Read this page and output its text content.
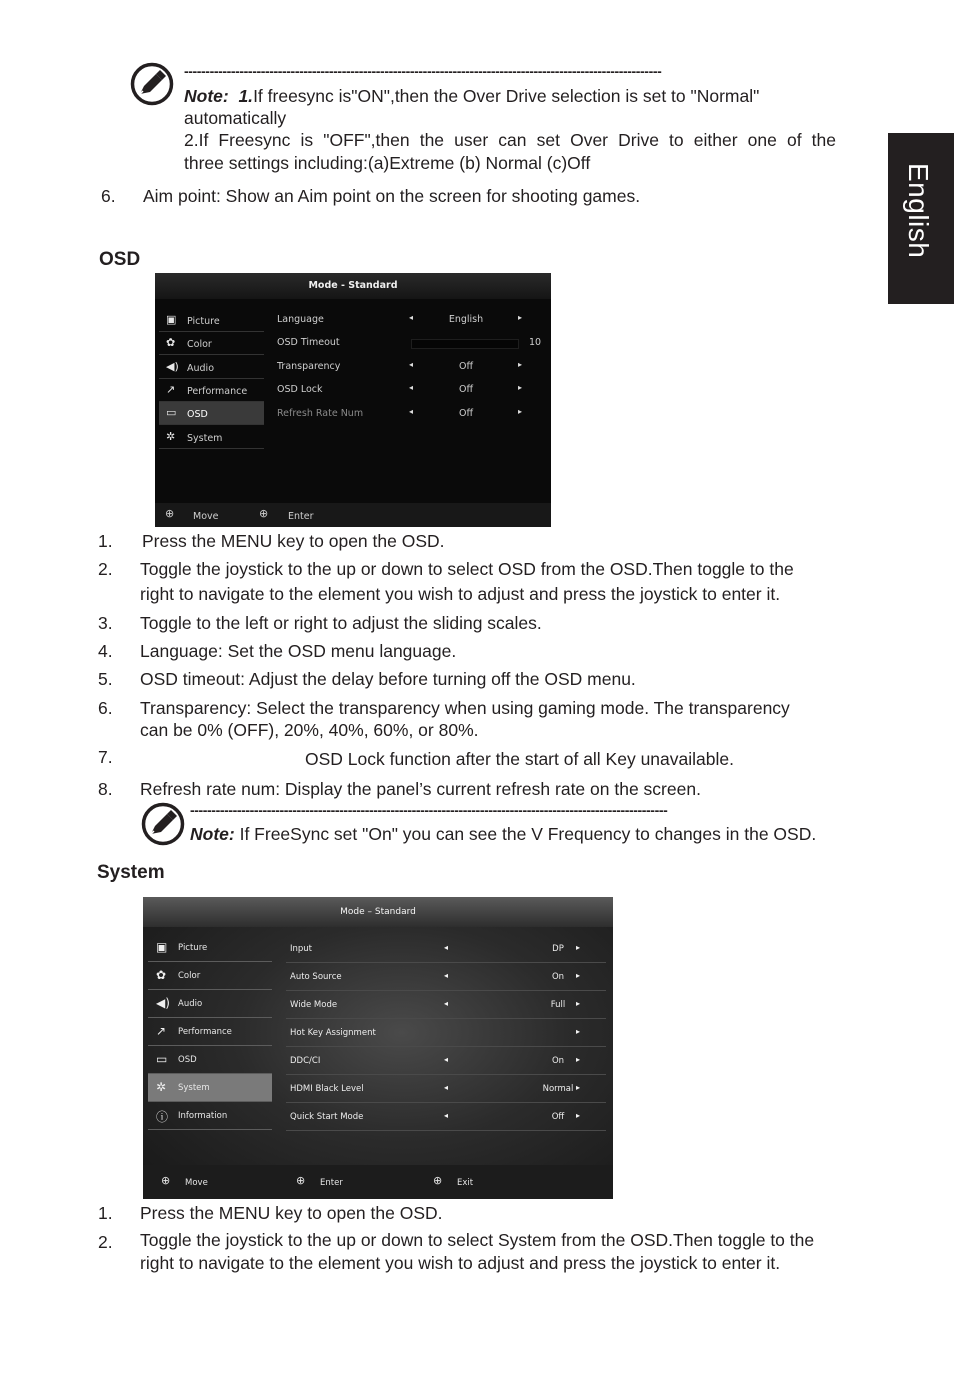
English
----------------------------------------------------------------------------------------------------------------
Note: 1.If freesync is"ON",then the Over Drive selection is set to "Normal"
automatically
2.If Freesync is "OFF",then the user can set Over Drive to either one of the
three settings including:(a)Extreme (b) Normal (c)Off
6. Aim point: Show an Aim point on the screen for shooting games.
OSD
Mode - Standard
▣	Picture
✿	Color
◀) Audio
↗	Performance
▭	OSD
✲	System
Language	◂	English	▸
OSD Timeout	10
Transparency	◂	Off	▸
OSD Lock	◂	Off	▸
Refresh Rate Num	◂	Off	▸
⊕ Move	⊕ Enter
1. Press the MENU key to open the OSD.
2. Toggle the joystick to the up or down to select OSD from the OSD.Then toggle to the
right to navigate to the element you wish to adjust and press the joystick to enter it.
3. Toggle to the left or right to adjust the sliding scales.
4. Language: Set the OSD menu language.
5. OSD timeout: Adjust the delay before turning off the OSD menu.
6. Transparency: Select the transparency when using gaming mode. The transparency
can be 0% (OFF), 20%, 40%, 60%, or 80%.
7.	OSD Lock function after the start of all Key unavailable.
8. Refresh rate num: Display the panel’s current refresh rate on the screen.
----------------------------------------------------------------------------------------------------------------
Note: If FreeSync set "On" you can see the V Frequency to changes in the OSD.
System
Mode – Standard
▣	Picture
✿	Color
◀) Audio
↗	Performance
▭	OSD
✲	System
ⓘ	Information
Input	◂	DP	▸
Auto Source	◂	On	▸
Wide Mode	◂	Full	▸
Hot Key Assignment	▸
DDC/CI	◂	On	▸
HDMI Black Level	◂	Normal ▸
Quick Start Mode	◂	Off	▸
⊕ Move	⊕ Enter	⊕ Exit
1. Press the MENU key to open the OSD.
2. Toggle the joystick to the up or down to select System from the OSD.Then toggle to the
right to navigate to the element you wish to adjust and press the joystick to enter it.
